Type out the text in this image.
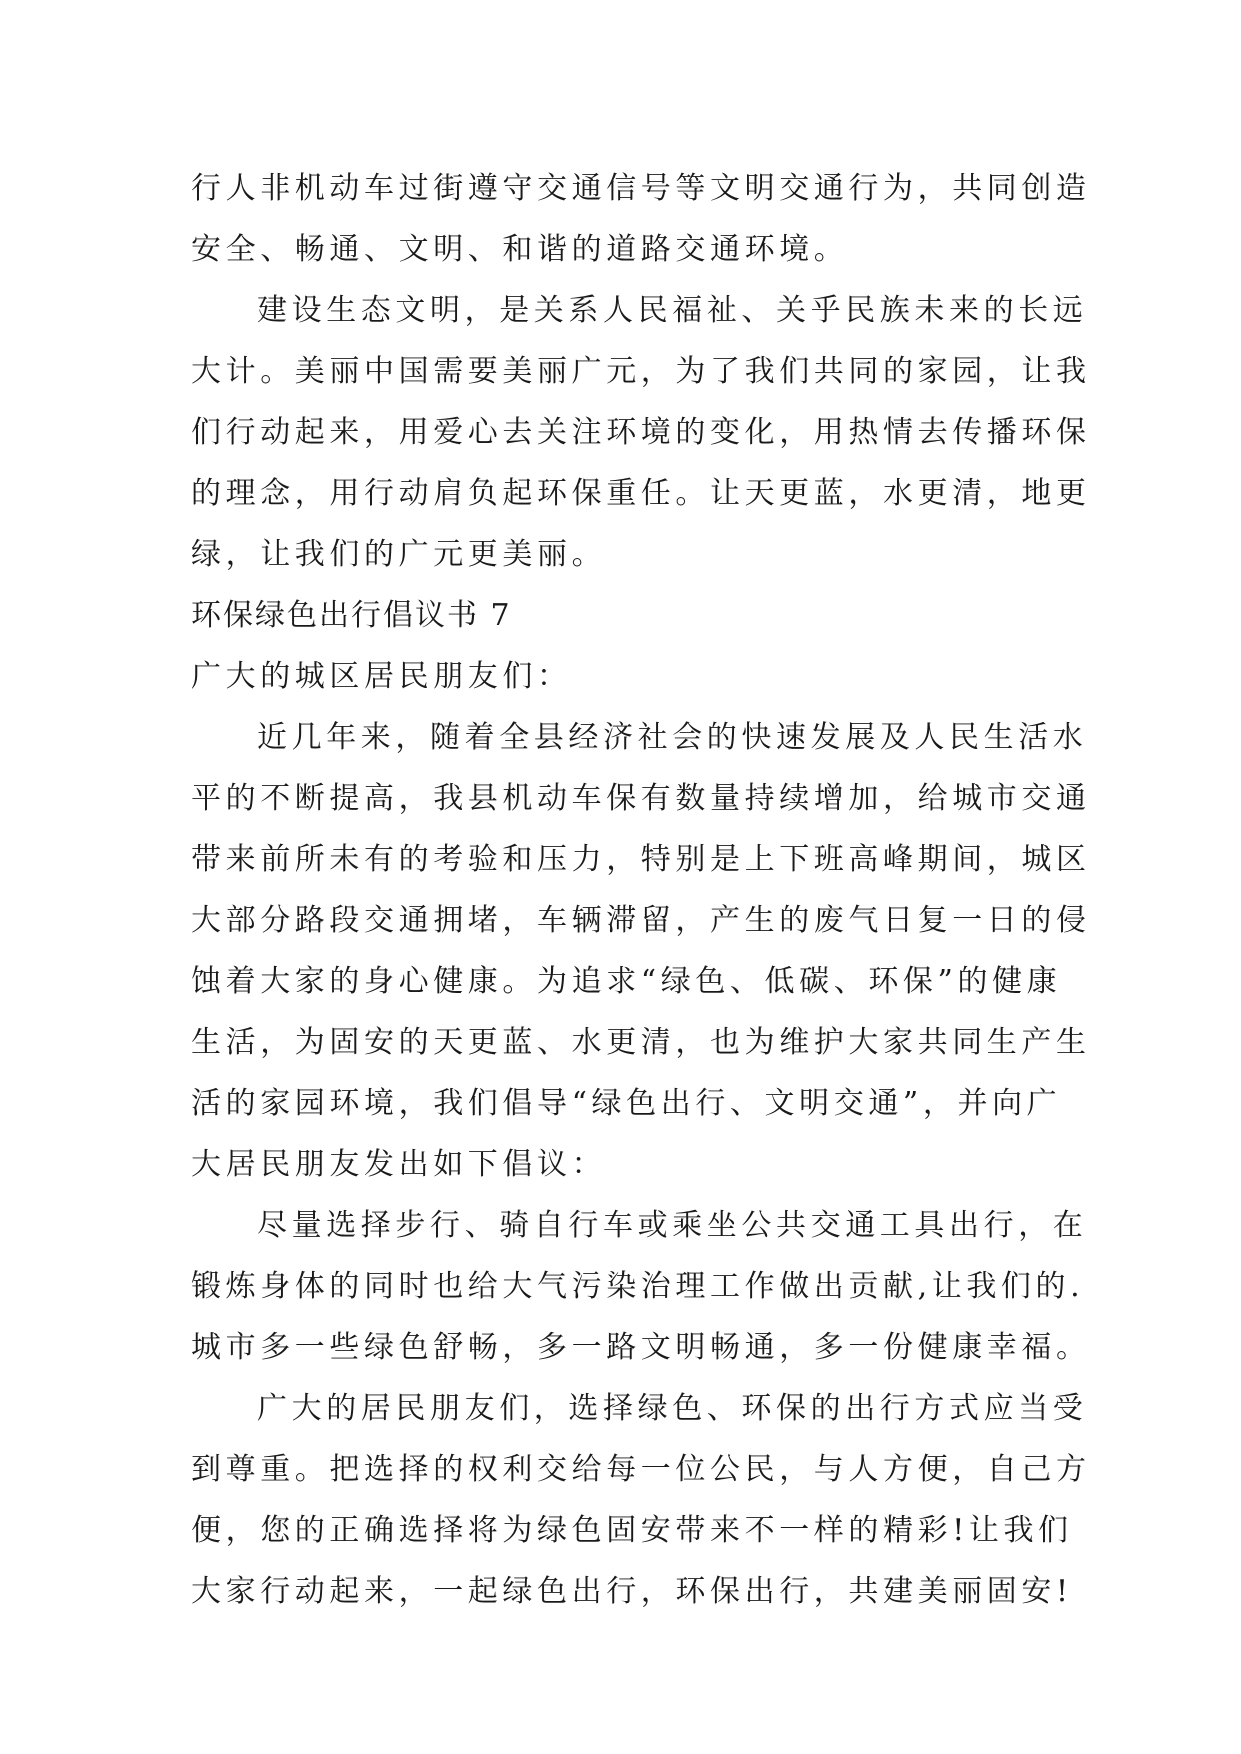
行人非机动车过街遵守交通信号等文明交通行为，共同创造
安全、畅通、文明、和谐的道路交通环境。
建设生态文明，是关系人民福祉、关乎民族未来的长远
大计。美丽中国需要美丽广元，为了我们共同的家园，让我
们行动起来，用爱心去关注环境的变化，用热情去传播环保
的理念，用行动肩负起环保重任。让天更蓝，水更清，地更
绿，让我们的广元更美丽。
环保绿色出行倡议书 7
广大的城区居民朋友们：
近几年来，随着全县经济社会的快速发展及人民生活水
平的不断提高，我县机动车保有数量持续增加，给城市交通
带来前所未有的考验和压力，特别是上下班高峰期间，城区
大部分路段交通拥堵，车辆滞留，产生的废气日复一日的侵
蚀着大家的身心健康。为追求“绿色、低碳、环保”的健康
生活，为固安的天更蓝、水更清，也为维护大家共同生产生
活的家园环境，我们倡导“绿色出行、文明交通”，并向广
大居民朋友发出如下倡议：
尽量选择步行、骑自行车或乘坐公共交通工具出行，在
锻炼身体的同时也给大气污染治理工作做出贡献,让我们的.
城市多一些绿色舒畅，多一路文明畅通，多一份健康幸福。
广大的居民朋友们，选择绿色、环保的出行方式应当受
到尊重。把选择的权利交给每一位公民，与人方便，自己方
便，您的正确选择将为绿色固安带来不一样的精彩!让我们
大家行动起来，一起绿色出行，环保出行，共建美丽固安!
